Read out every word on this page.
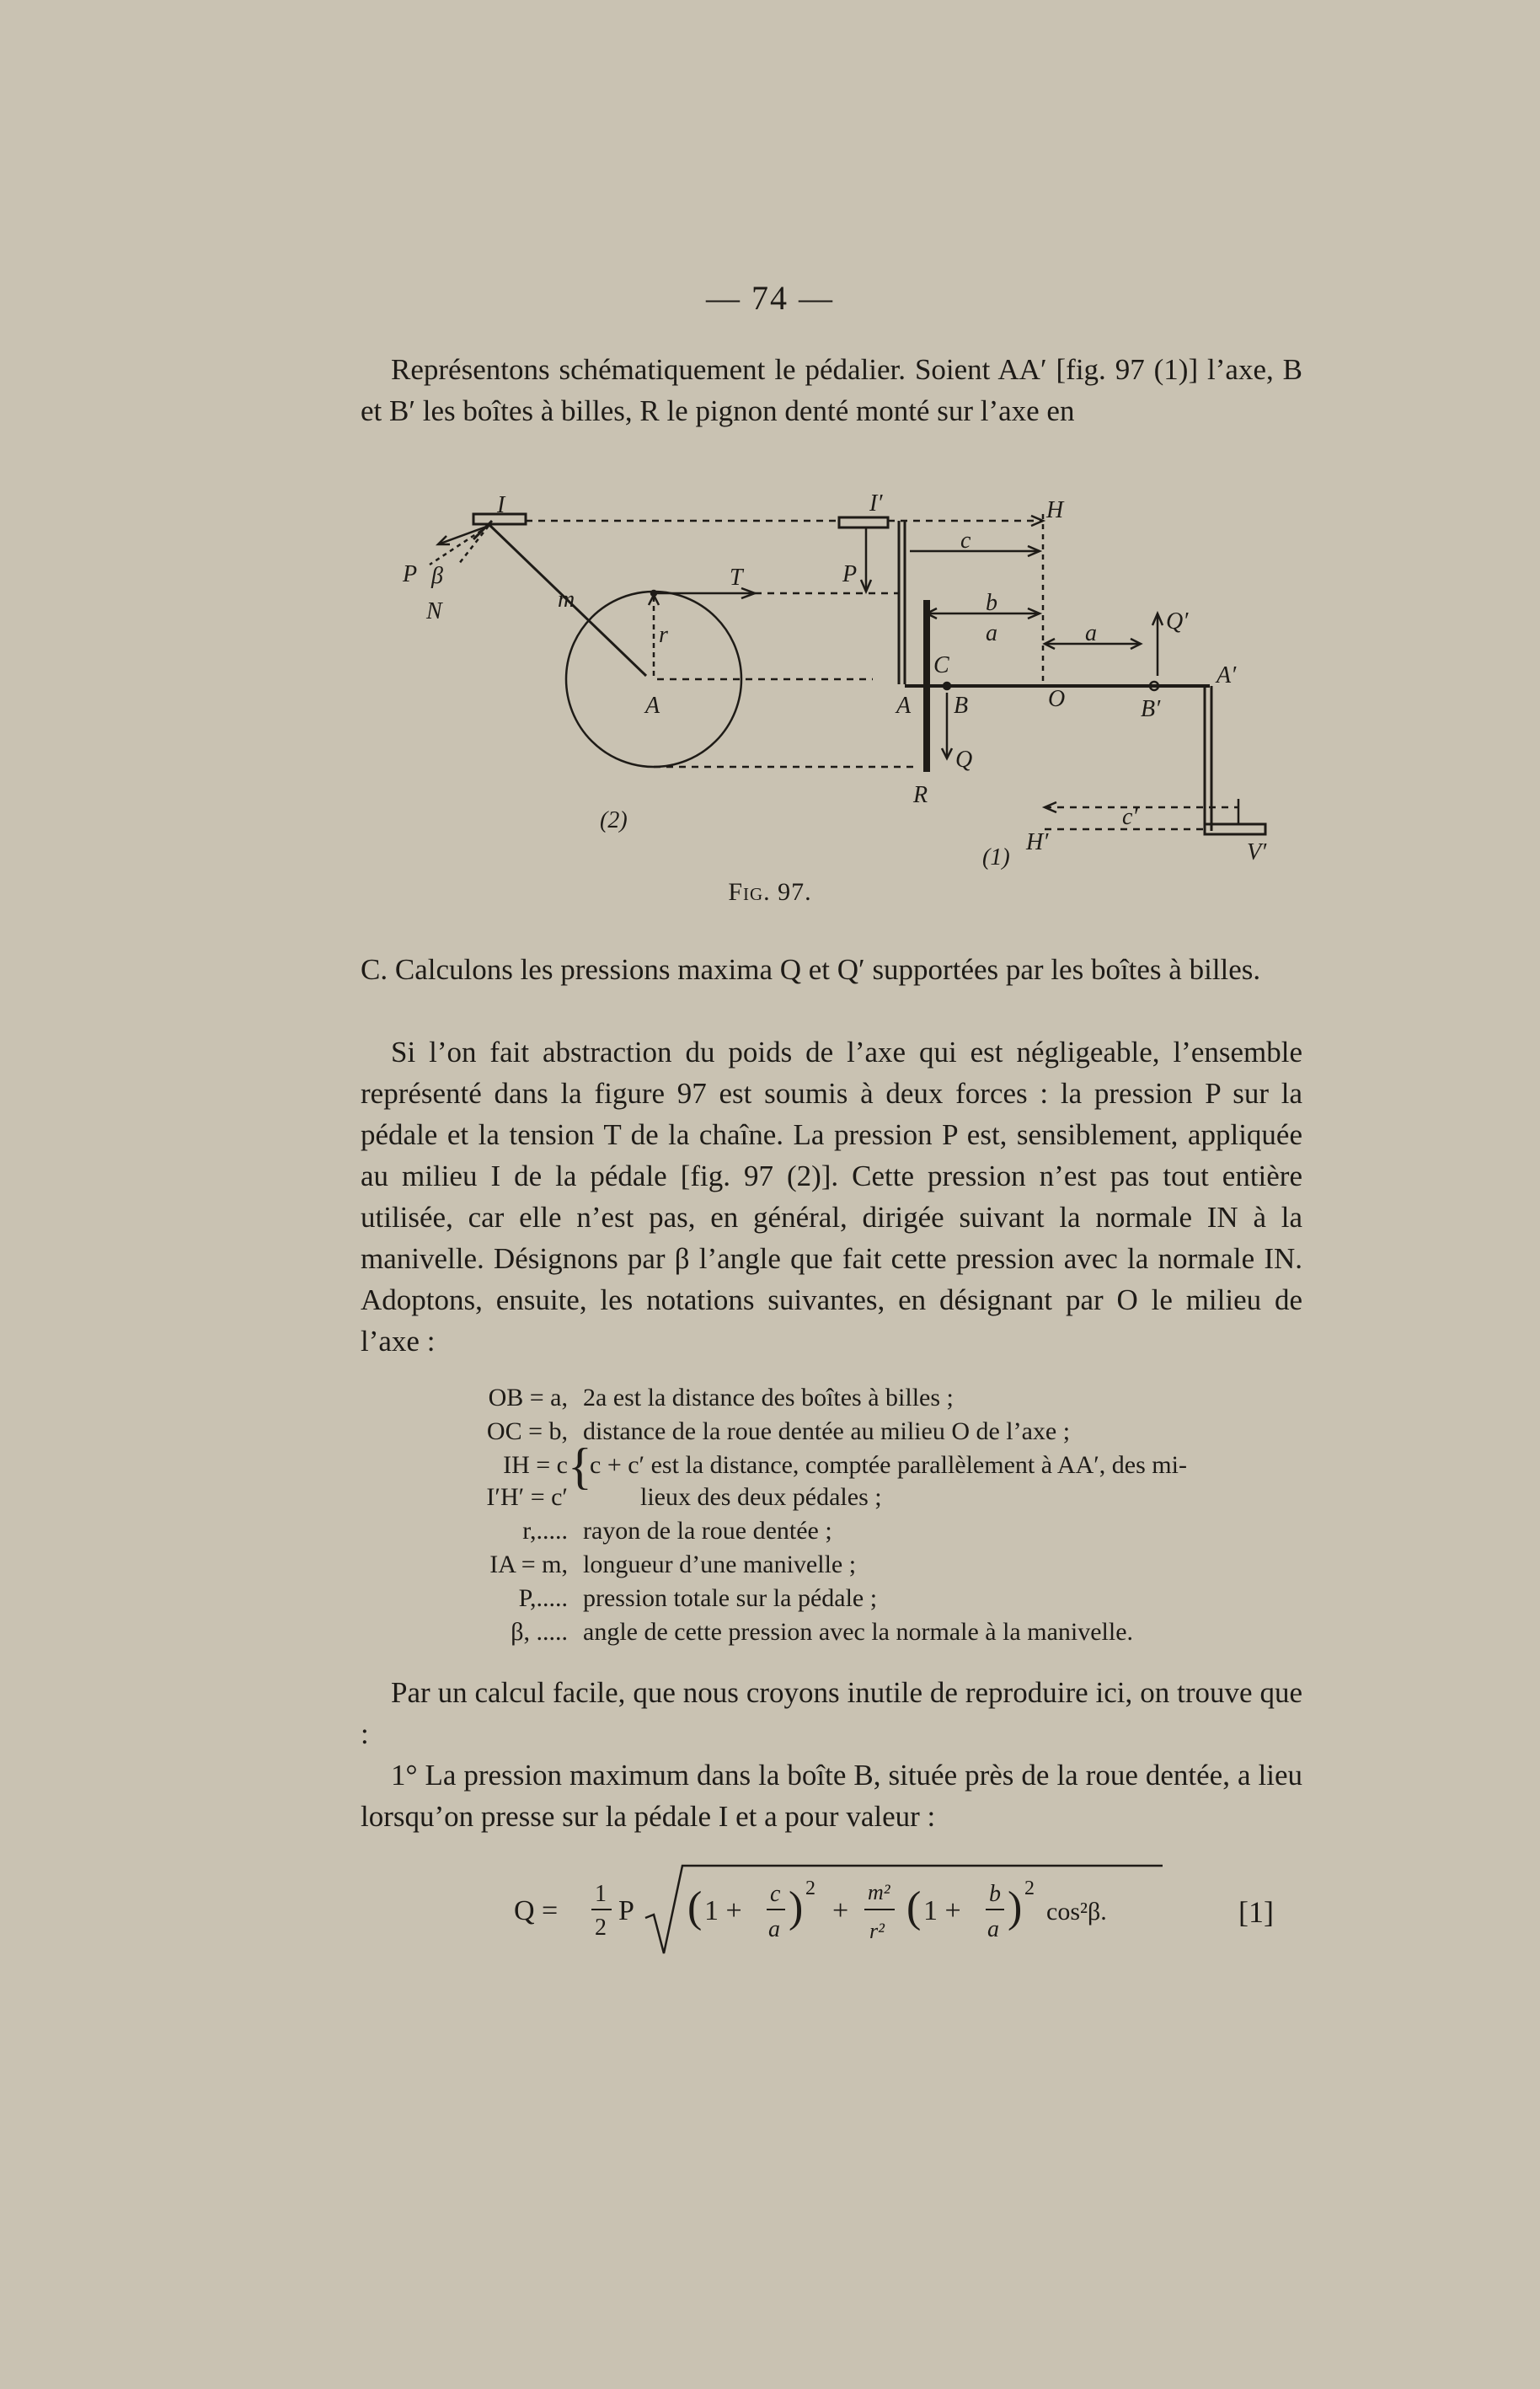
— 74 —

Représentons schématiquement le pédalier. Soient AA′ [fig. 97 (1)] l’axe, B et B′ les boîtes à billes, R le pignon denté monté sur l’axe en

I
P β
N	m
r
A
T
I′
P
H
c
b
a	a	Q′
C
O
A′
A B	B′
Q
R
c′
H′	V′
(2)
(1)
Fig. 97.

C. Calculons les pressions maxima Q et Q′ supportées par les boîtes à billes.

Si l’on fait abstraction du poids de l’axe qui est négligeable, l’ensemble représenté dans la figure 97 est soumis à deux forces : la pression P sur la pédale et la tension T de la chaîne. La pression P est, sensiblement, appliquée au milieu I de la pédale [fig. 97 (2)]. Cette pression n’est pas tout entière utilisée, car elle n’est pas, en général, dirigée suivant la normale IN à la manivelle. Désignons par β l’angle que fait cette pression avec la normale IN. Adoptons, ensuite, les notations suivantes, en désignant par O le milieu de l’axe :

OB = a, 2a est la distance des boîtes à billes ;
OC = b, distance de la roue dentée au milieu O de l’axe ;
IH = c {
c + c′ est la distance, comptée parallèlement à AA′, des mi-
I′H′ = c′	lieux des deux pédales ;
r,..... rayon de la roue dentée ;
IA = m, longueur d’une manivelle ;
P,..... pression totale sur la pédale ;
β, ..... angle de cette pression avec la normale à la manivelle.

Par un calcul facile, que nous croyons inutile de reproduire ici, on trouve que :

1° La pression maximum dans la boîte B, située près de la roue dentée, a lieu lorsqu’on presse sur la pédale I et a pour valeur :

Q =
1
2
P ( 1 +
c
a ) 2
+
m²
r² ( 1 +
b
a ) 2
cos²β.	[1]
